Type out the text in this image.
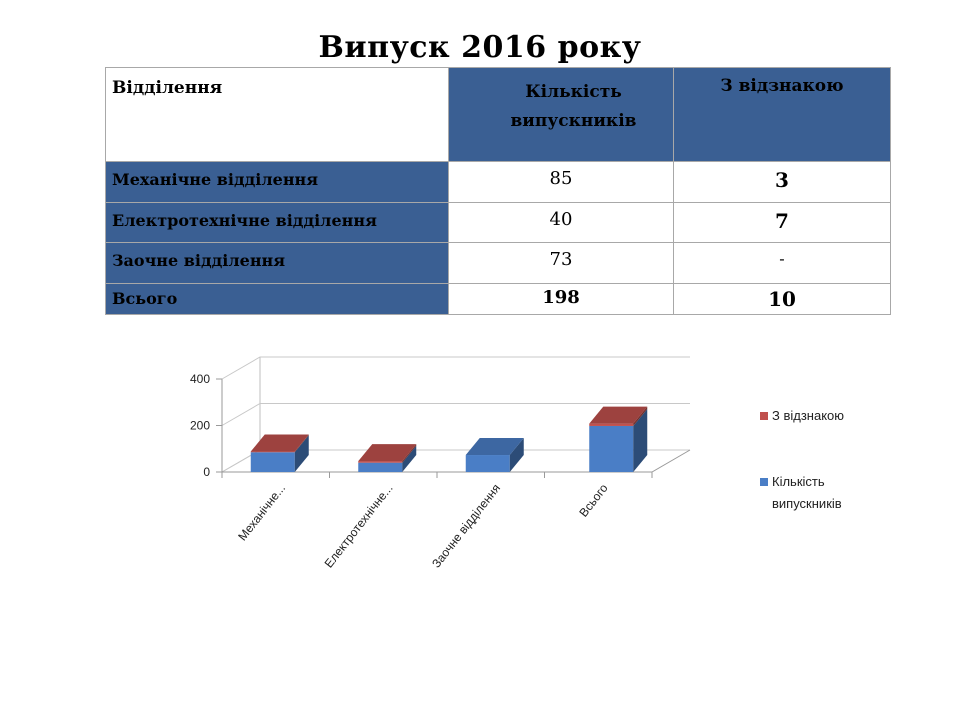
Випуск 2016 року
Відділення	Кількість випускників	З відзнакою
Механічне відділення	85	3
Електротехнічне відділення	40	7
Заочне відділення	73	-
Всього	198	10
0
200
400
Механічне...	Електротехнічне...	Заочне відділення	Всього
З відзнакою
Кількість
випускників
